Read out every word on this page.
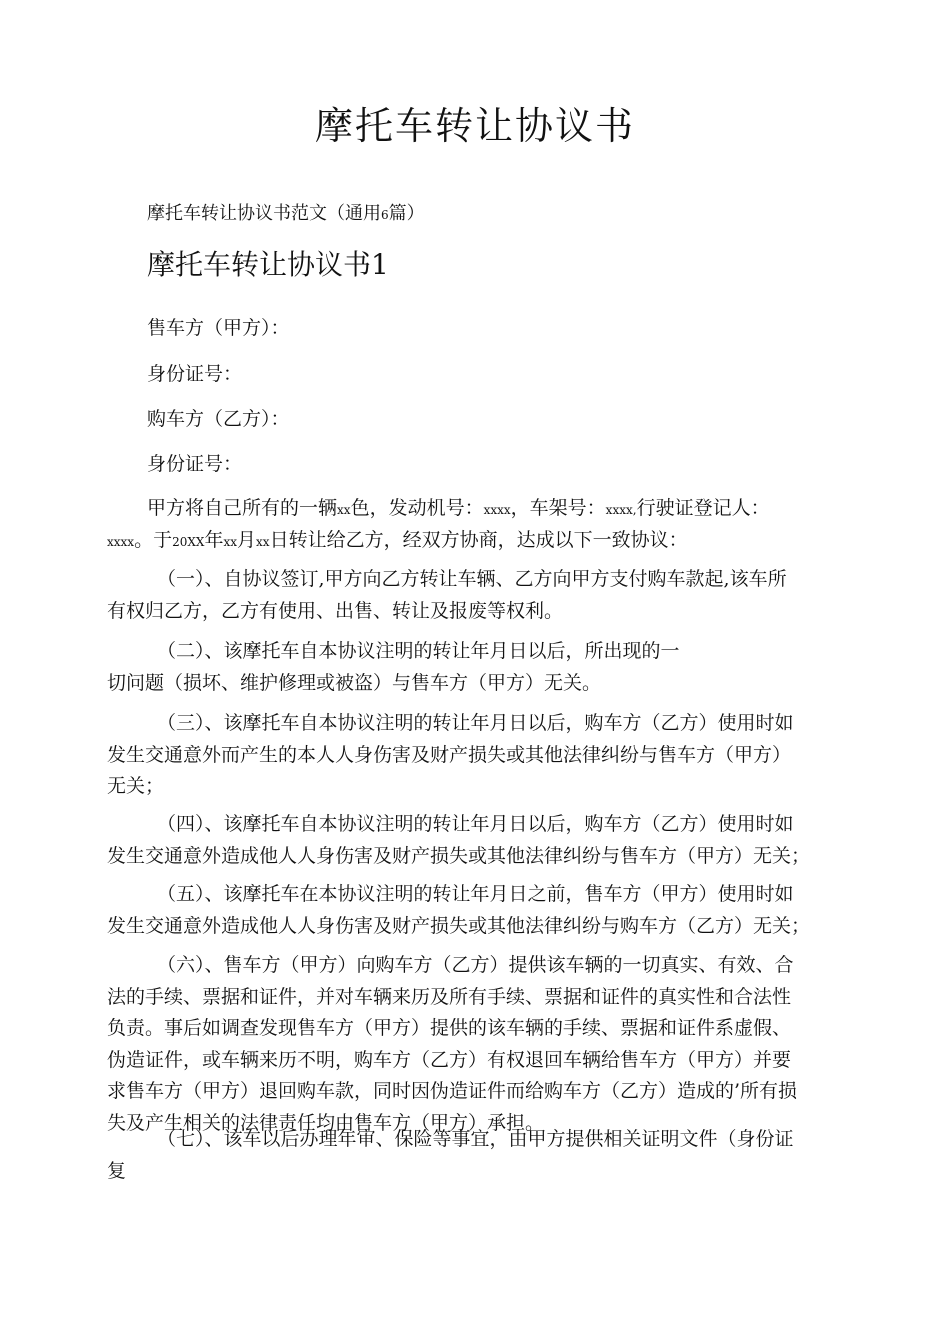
摩托车转让协议书
摩托车转让协议书范文（通用6篇）
摩托车转让协议书1
售车方（甲方）：
身份证号：
购车方（乙方）：
身份证号：
甲方将自己所有的一辆xx色，发动机号：xxxx，车架号：xxxx,行驶证登记人：
xxxx。于20XX年xx月xx日转让给乙方，经双方协商，达成以下一致协议：
（一）、自协议签订,甲方向乙方转让车辆、乙方向甲方支付购车款起,该车所
有权归乙方，乙方有使用、出售、转让及报废等权利。
（二）、该摩托车自本协议注明的转让年月日以后，所出现的一
切问题（损坏、维护修理或被盗）与售车方（甲方）无关。
（三）、该摩托车自本协议注明的转让年月日以后，购车方（乙方）使用时如
发生交通意外而产生的本人人身伤害及财产损失或其他法律纠纷与售车方（甲方）
无关；
（四）、该摩托车自本协议注明的转让年月日以后，购车方（乙方）使用时如
发生交通意外造成他人人身伤害及财产损失或其他法律纠纷与售车方（甲方）无关；
（五）、该摩托车在本协议注明的转让年月日之前，售车方（甲方）使用时如
发生交通意外造成他人人身伤害及财产损失或其他法律纠纷与购车方（乙方）无关；
（六）、售车方（甲方）向购车方（乙方）提供该车辆的一切真实、有效、合
法的手续、票据和证件，并对车辆来历及所有手续、票据和证件的真实性和合法性
负责。事后如调查发现售车方（甲方）提供的该车辆的手续、票据和证件系虚假、
伪造证件，或车辆来历不明，购车方（乙方）有权退回车辆给售车方（甲方）并要
求售车方（甲方）退回购车款，同时因伪造证件而给购车方（乙方）造成的’所有损
失及产生相关的法律责任均由售车方（甲方）承担。
（七）、该车以后办理年审、保险等事宜，由甲方提供相关证明文件（身份证
复
